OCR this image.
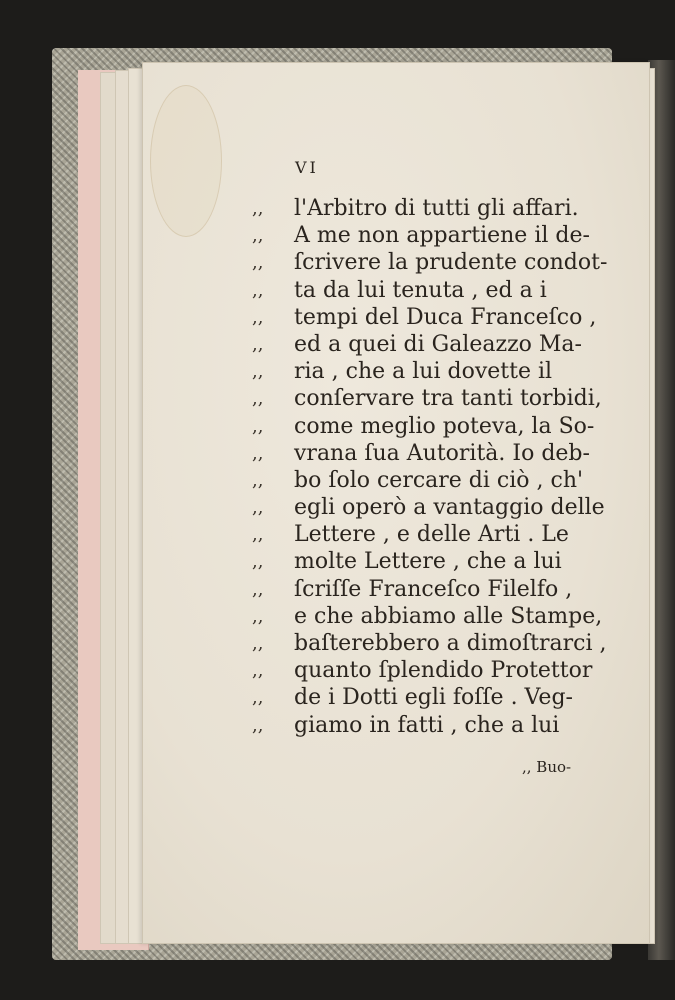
VI
,, l'Arbitro di tutti gli affari.
,, A me non appartiene il de-
,, ſcrivere la prudente condot-
,, ta da lui tenuta , ed a i
,, tempi del Duca Franceſco ,
,, ed a quei di Galeazzo Ma-
,, ria , che a lui dovette il
,, conſervare tra tanti torbidi,
,, come meglio poteva, la So-
,, vrana ſua Autorità. Io deb-
,, bo ſolo cercare di ciò , ch'
,, egli operò a vantaggio delle
,, Lettere , e delle Arti . Le
,, molte Lettere , che a lui
,, ſcriſſe Franceſco Filelfo ,
,, e che abbiamo alle Stampe,
,, baſterebbero a dimoſtrarci ,
,, quanto ſplendido Protettor
,, de i Dotti egli foſſe . Veg-
,, giamo in fatti , che a lui
,, Buo-
